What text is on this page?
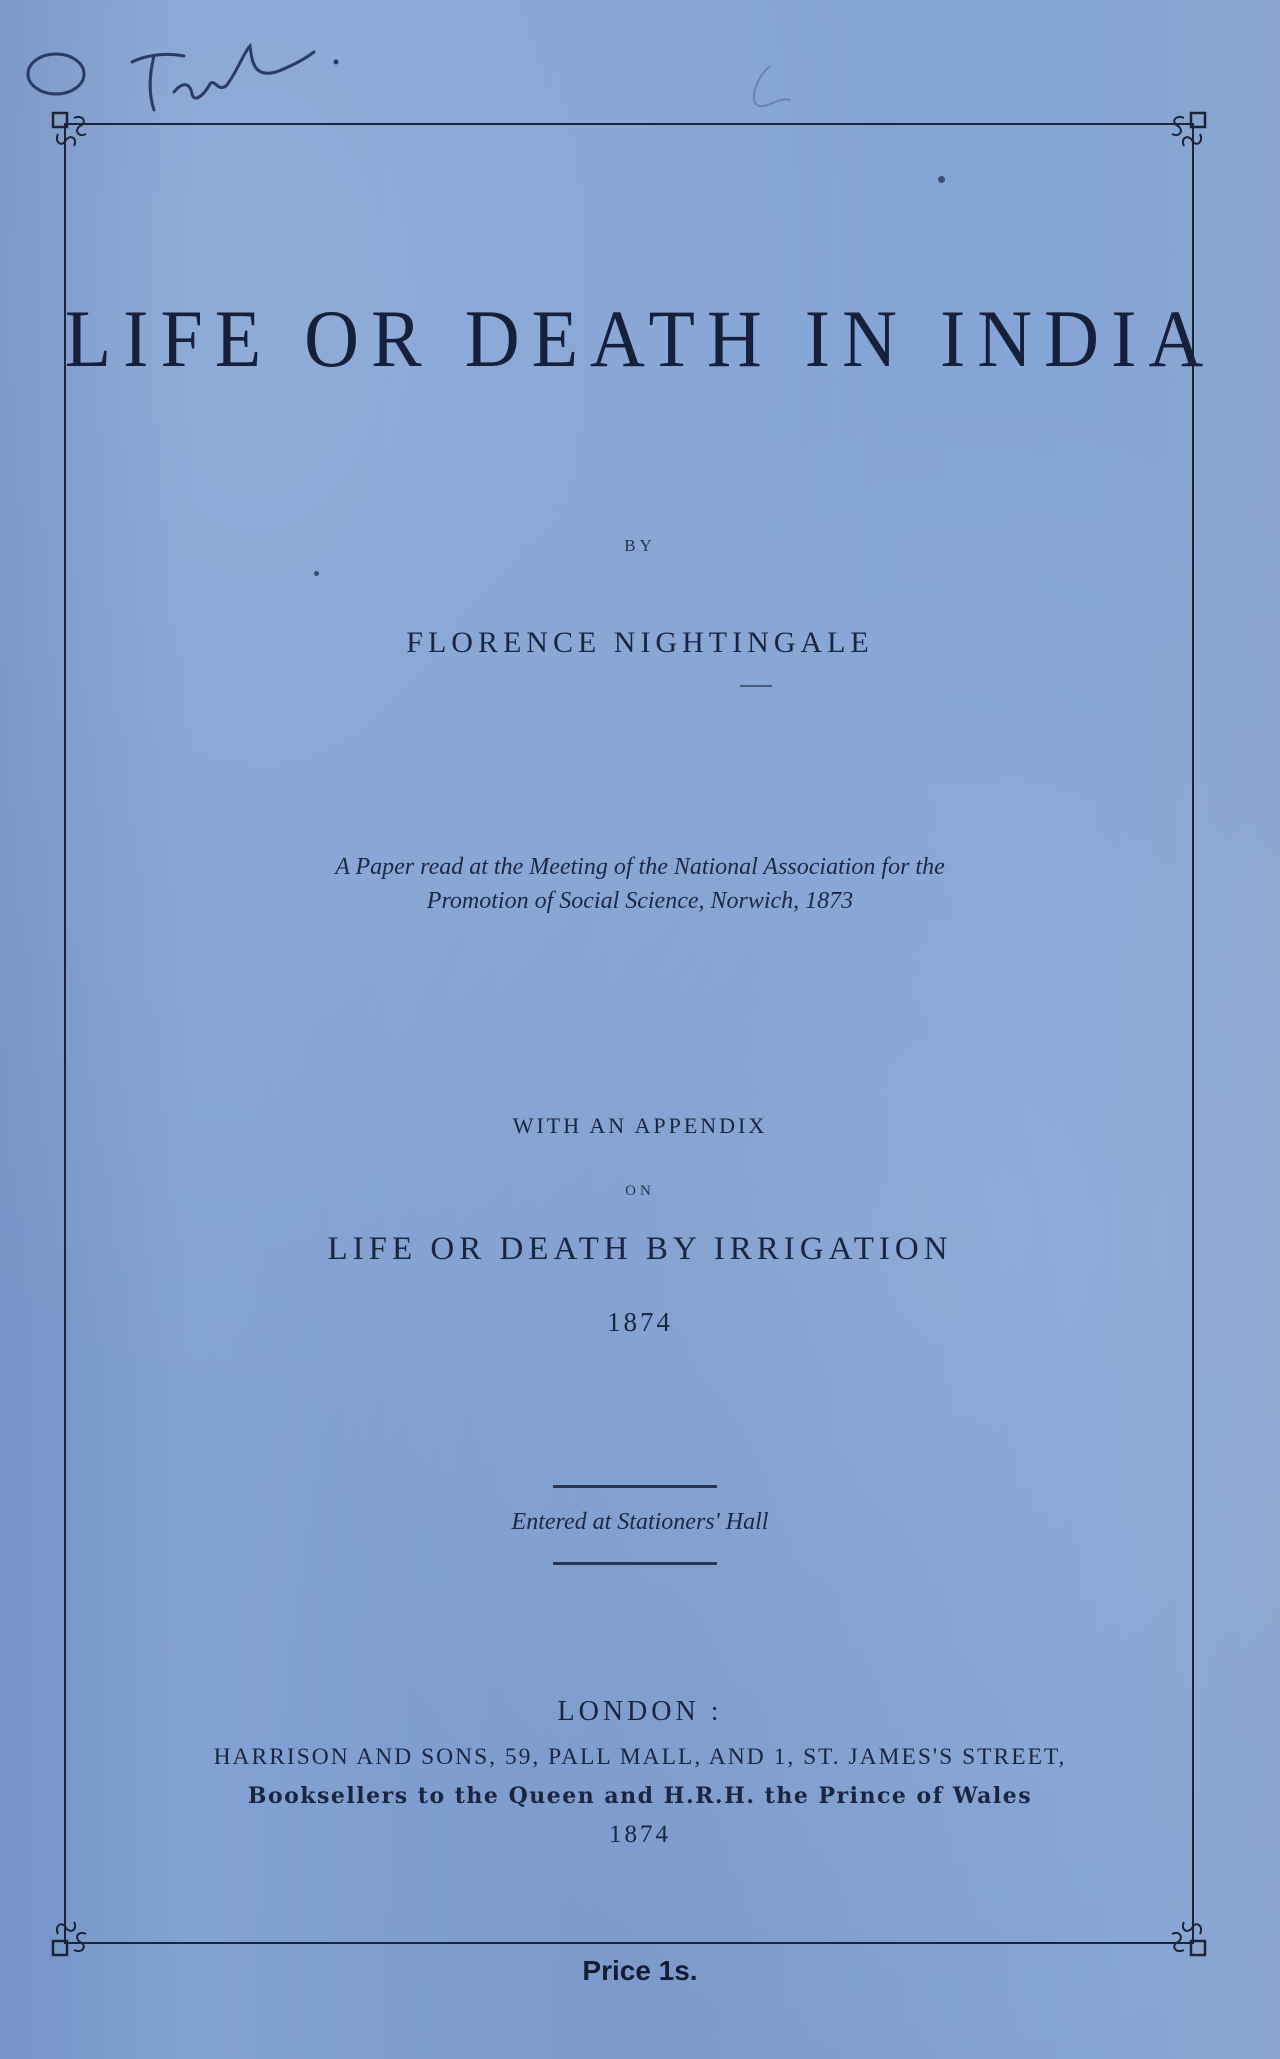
LIFE OR DEATH IN INDIA
BY
FLORENCE NIGHTINGALE
A Paper read at the Meeting of the National Association for the
Promotion of Social Science, Norwich, 1873
WITH AN APPENDIX
ON
LIFE OR DEATH BY IRRIGATION
1874
Entered at Stationers' Hall
LONDON :
HARRISON AND SONS, 59, PALL MALL, AND 1, ST. JAMES'S STREET,
Booksellers to the Queen and H.R.H. the Prince of Wales
1874
Price 1s.
